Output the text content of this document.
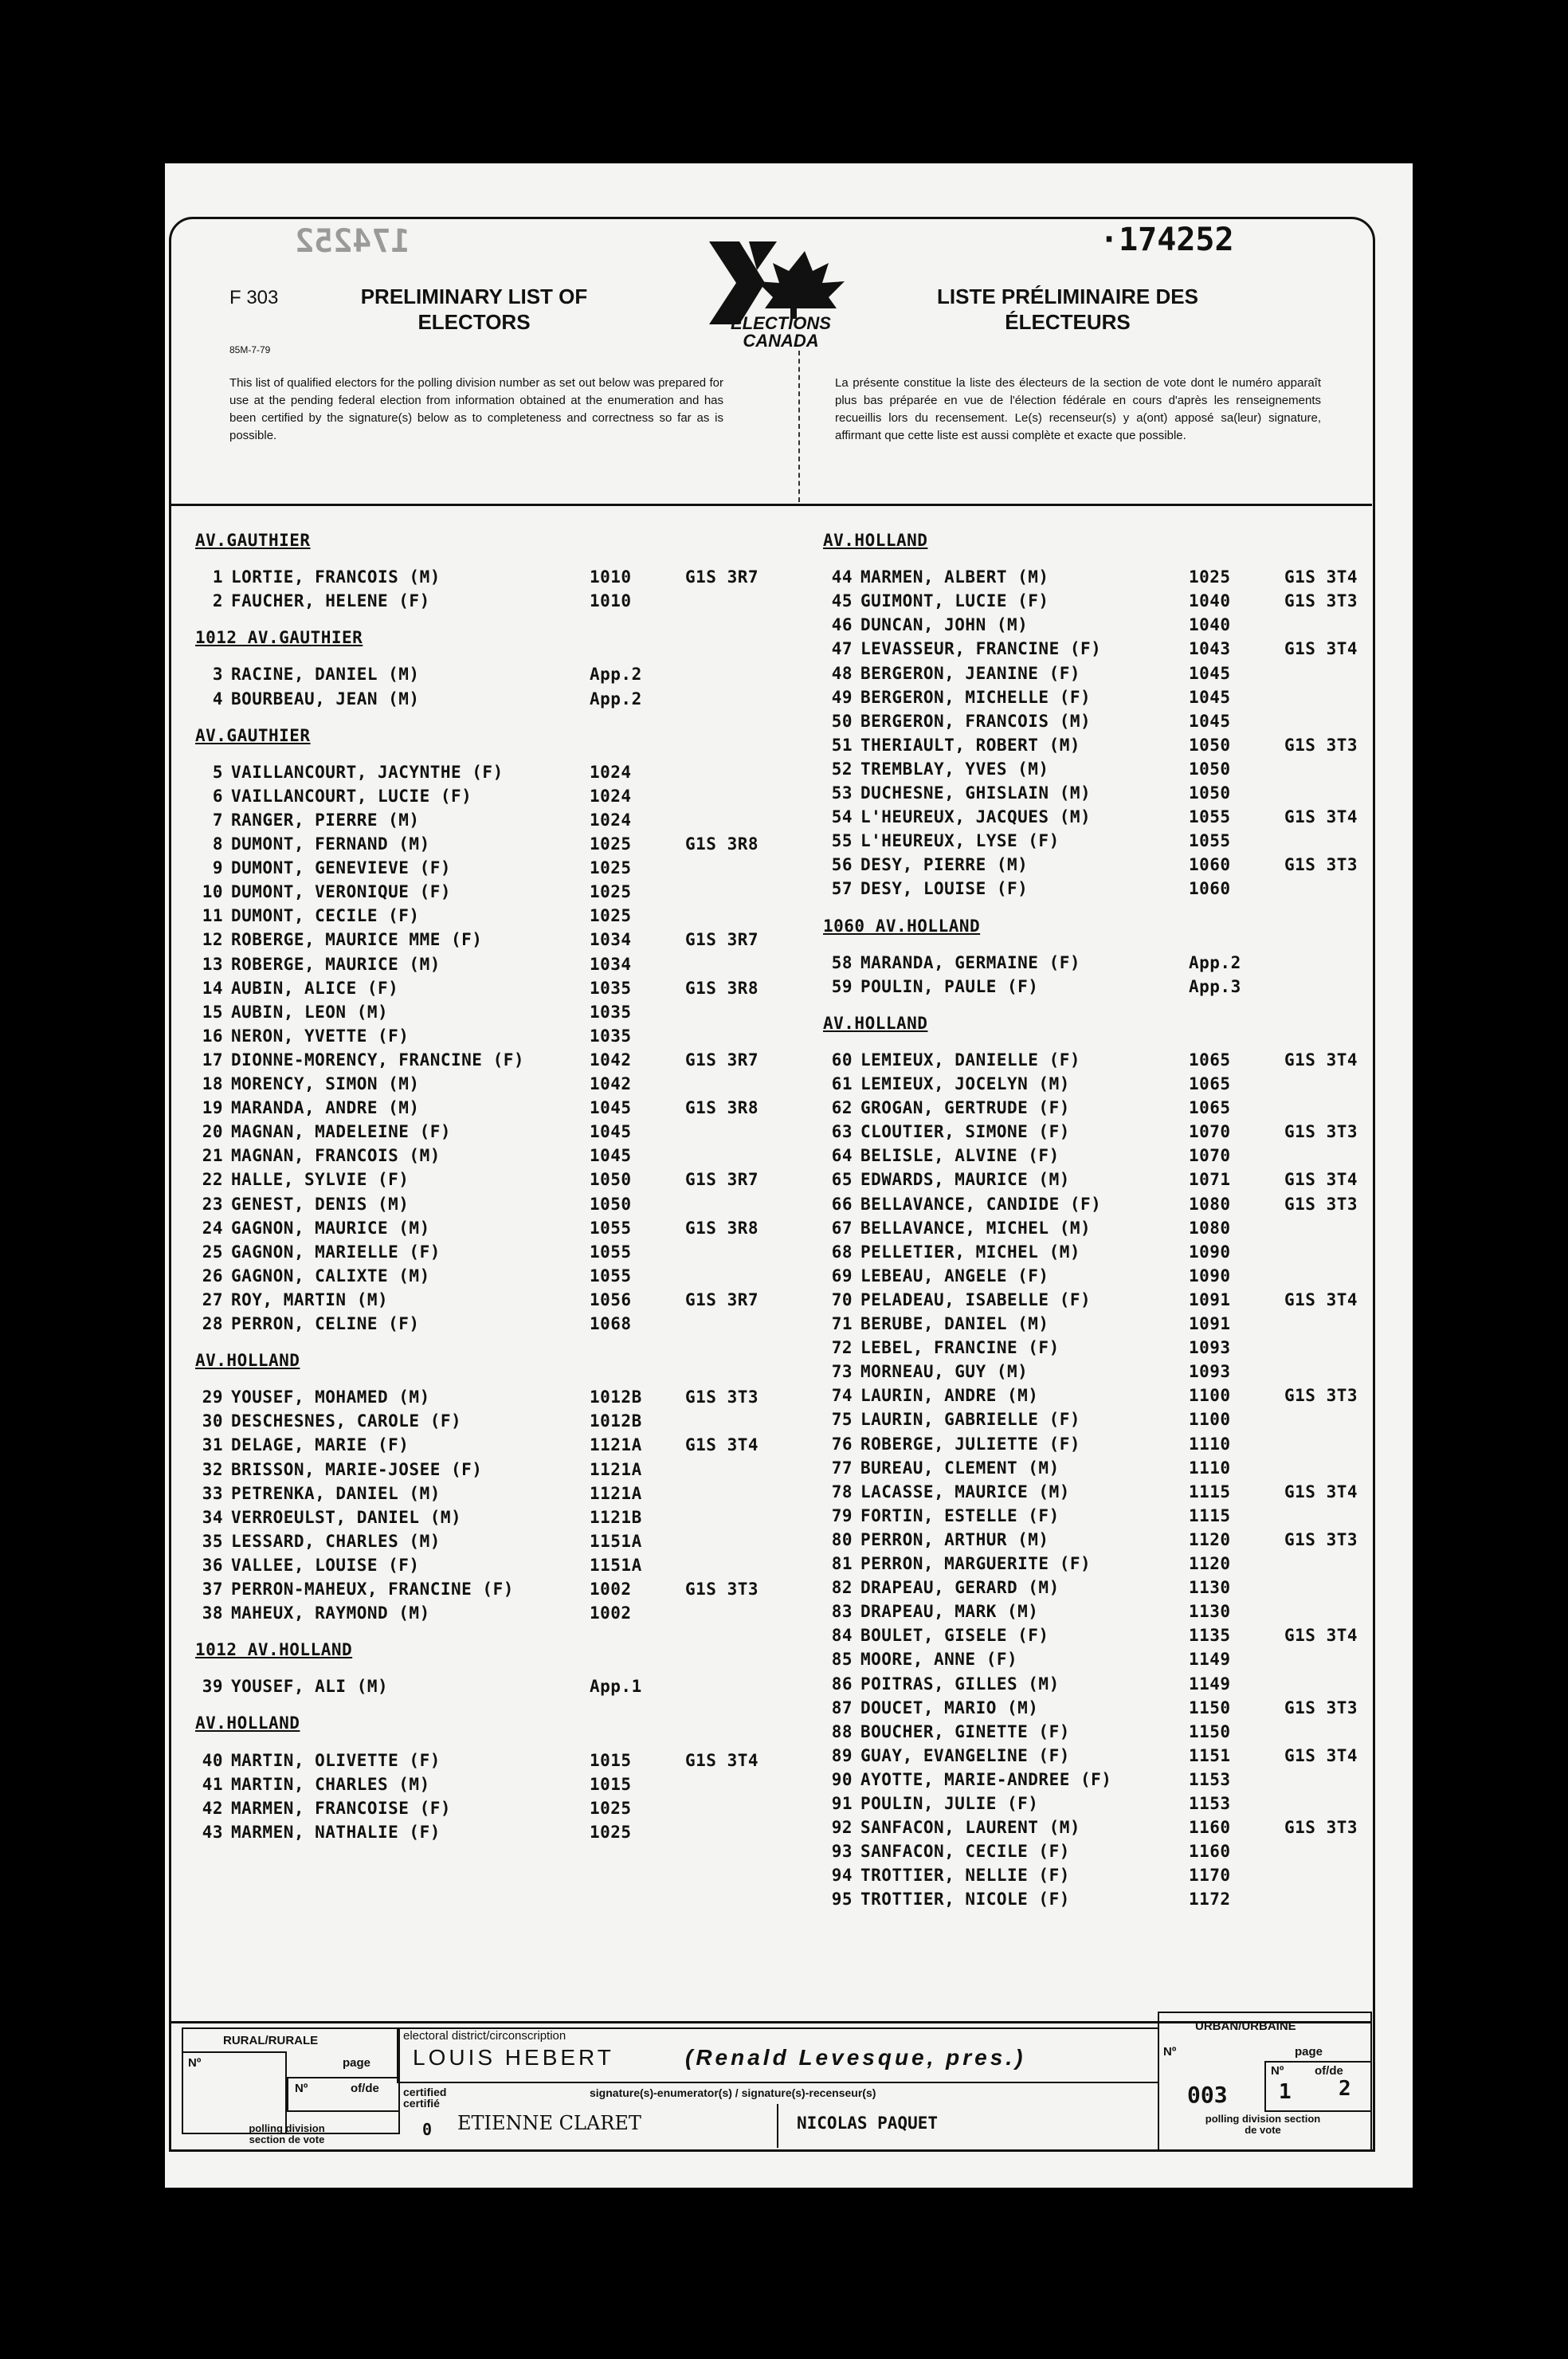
174252	·174252
F 303
85M-7-79
PRELIMINARY LIST OF ELECTORS
LISTE PRÉLIMINAIRE DES ÉLECTEURS
ELECTIONS CANADA
This list of qualified electors for the polling division number as set out below was prepared for use at the pending federal election from information obtained at the enumeration and has been certified by the signature(s) below as to completeness and correctness so far as is possible.
La présente constitue la liste des électeurs de la section de vote dont le numéro apparaît plus bas préparée en vue de l'élection fédérale en cours d'après les renseignements recueillis lors du recensement. Le(s) recenseur(s) y a(ont) apposé sa(leur) signature, affirmant que cette liste est aussi complète et exacte que possible.
RURAL/RURALE
Nº	page
Nº	of/de
polling division section de vote
electoral district/circonscription
LOUIS HEBERT	(Renald Levesque, pres.)
certified certifié
signature(s)-enumerator(s) / signature(s)-recenseur(s)
0 ETIENNE CLARET	NICOLAS PAQUET
URBAN/URBAINE
Nº	page
Nº	of/de
003 1 2
polling division section de vote
AV.GAUTHIER
1 LORTIE, FRANCOIS (M)	1010	G1S 3R7
2 FAUCHER, HELENE (F)	1010
1012 AV.GAUTHIER
3 RACINE, DANIEL (M)	App.2
4 BOURBEAU, JEAN (M)	App.2
AV.GAUTHIER
5 VAILLANCOURT, JACYNTHE (F)	1024
6 VAILLANCOURT, LUCIE (F)	1024
7 RANGER, PIERRE (M)	1024
8 DUMONT, FERNAND (M)	1025	G1S 3R8
9 DUMONT, GENEVIEVE (F)	1025
10 DUMONT, VERONIQUE (F)	1025
11 DUMONT, CECILE (F)	1025
12 ROBERGE, MAURICE MME (F)	1034	G1S 3R7
13 ROBERGE, MAURICE (M)	1034
14 AUBIN, ALICE (F)	1035	G1S 3R8
15 AUBIN, LEON (M)	1035
16 NERON, YVETTE (F)	1035
17 DIONNE-MORENCY, FRANCINE (F)	1042	G1S 3R7
18 MORENCY, SIMON (M)	1042
19 MARANDA, ANDRE (M)	1045	G1S 3R8
20 MAGNAN, MADELEINE (F)	1045
21 MAGNAN, FRANCOIS (M)	1045
22 HALLE, SYLVIE (F)	1050	G1S 3R7
23 GENEST, DENIS (M)	1050
24 GAGNON, MAURICE (M)	1055	G1S 3R8
25 GAGNON, MARIELLE (F)	1055
26 GAGNON, CALIXTE (M)	1055
27 ROY, MARTIN (M)	1056	G1S 3R7
28 PERRON, CELINE (F)	1068
AV.HOLLAND
29 YOUSEF, MOHAMED (M)	1012B	G1S 3T3
30 DESCHESNES, CAROLE (F)	1012B
31 DELAGE, MARIE (F)	1121A	G1S 3T4
32 BRISSON, MARIE-JOSEE (F)	1121A
33 PETRENKA, DANIEL (M)	1121A
34 VERROEULST, DANIEL (M)	1121B
35 LESSARD, CHARLES (M)	1151A
36 VALLEE, LOUISE (F)	1151A
37 PERRON-MAHEUX, FRANCINE (F)	1002	G1S 3T3
38 MAHEUX, RAYMOND (M)	1002
1012 AV.HOLLAND
39 YOUSEF, ALI (M)	App.1
AV.HOLLAND
40 MARTIN, OLIVETTE (F)	1015	G1S 3T4
41 MARTIN, CHARLES (M)	1015
42 MARMEN, FRANCOISE (F)	1025
43 MARMEN, NATHALIE (F)	1025
AV.HOLLAND
44 MARMEN, ALBERT (M)	1025	G1S 3T4
45 GUIMONT, LUCIE (F)	1040	G1S 3T3
46 DUNCAN, JOHN (M)	1040
47 LEVASSEUR, FRANCINE (F)	1043	G1S 3T4
48 BERGERON, JEANINE (F)	1045
49 BERGERON, MICHELLE (F)	1045
50 BERGERON, FRANCOIS (M)	1045
51 THERIAULT, ROBERT (M)	1050	G1S 3T3
52 TREMBLAY, YVES (M)	1050
53 DUCHESNE, GHISLAIN (M)	1050
54 L'HEUREUX, JACQUES (M)	1055	G1S 3T4
55 L'HEUREUX, LYSE (F)	1055
56 DESY, PIERRE (M)	1060	G1S 3T3
57 DESY, LOUISE (F)	1060
1060 AV.HOLLAND
58 MARANDA, GERMAINE (F)	App.2
59 POULIN, PAULE (F)	App.3
AV.HOLLAND
60 LEMIEUX, DANIELLE (F)	1065	G1S 3T4
61 LEMIEUX, JOCELYN (M)	1065
62 GROGAN, GERTRUDE (F)	1065
63 CLOUTIER, SIMONE (F)	1070	G1S 3T3
64 BELISLE, ALVINE (F)	1070
65 EDWARDS, MAURICE (M)	1071	G1S 3T4
66 BELLAVANCE, CANDIDE (F)	1080	G1S 3T3
67 BELLAVANCE, MICHEL (M)	1080
68 PELLETIER, MICHEL (M)	1090
69 LEBEAU, ANGELE (F)	1090
70 PELADEAU, ISABELLE (F)	1091	G1S 3T4
71 BERUBE, DANIEL (M)	1091
72 LEBEL, FRANCINE (F)	1093
73 MORNEAU, GUY (M)	1093
74 LAURIN, ANDRE (M)	1100	G1S 3T3
75 LAURIN, GABRIELLE (F)	1100
76 ROBERGE, JULIETTE (F)	1110
77 BUREAU, CLEMENT (M)	1110
78 LACASSE, MAURICE (M)	1115	G1S 3T4
79 FORTIN, ESTELLE (F)	1115
80 PERRON, ARTHUR (M)	1120	G1S 3T3
81 PERRON, MARGUERITE (F)	1120
82 DRAPEAU, GERARD (M)	1130
83 DRAPEAU, MARK (M)	1130
84 BOULET, GISELE (F)	1135	G1S 3T4
85 MOORE, ANNE (F)	1149
86 POITRAS, GILLES (M)	1149
87 DOUCET, MARIO (M)	1150	G1S 3T3
88 BOUCHER, GINETTE (F)	1150
89 GUAY, EVANGELINE (F)	1151	G1S 3T4
90 AYOTTE, MARIE-ANDREE (F)	1153
91 POULIN, JULIE (F)	1153
92 SANFACON, LAURENT (M)	1160	G1S 3T3
93 SANFACON, CECILE (F)	1160
94 TROTTIER, NELLIE (F)	1170
95 TROTTIER, NICOLE (F)	1172
